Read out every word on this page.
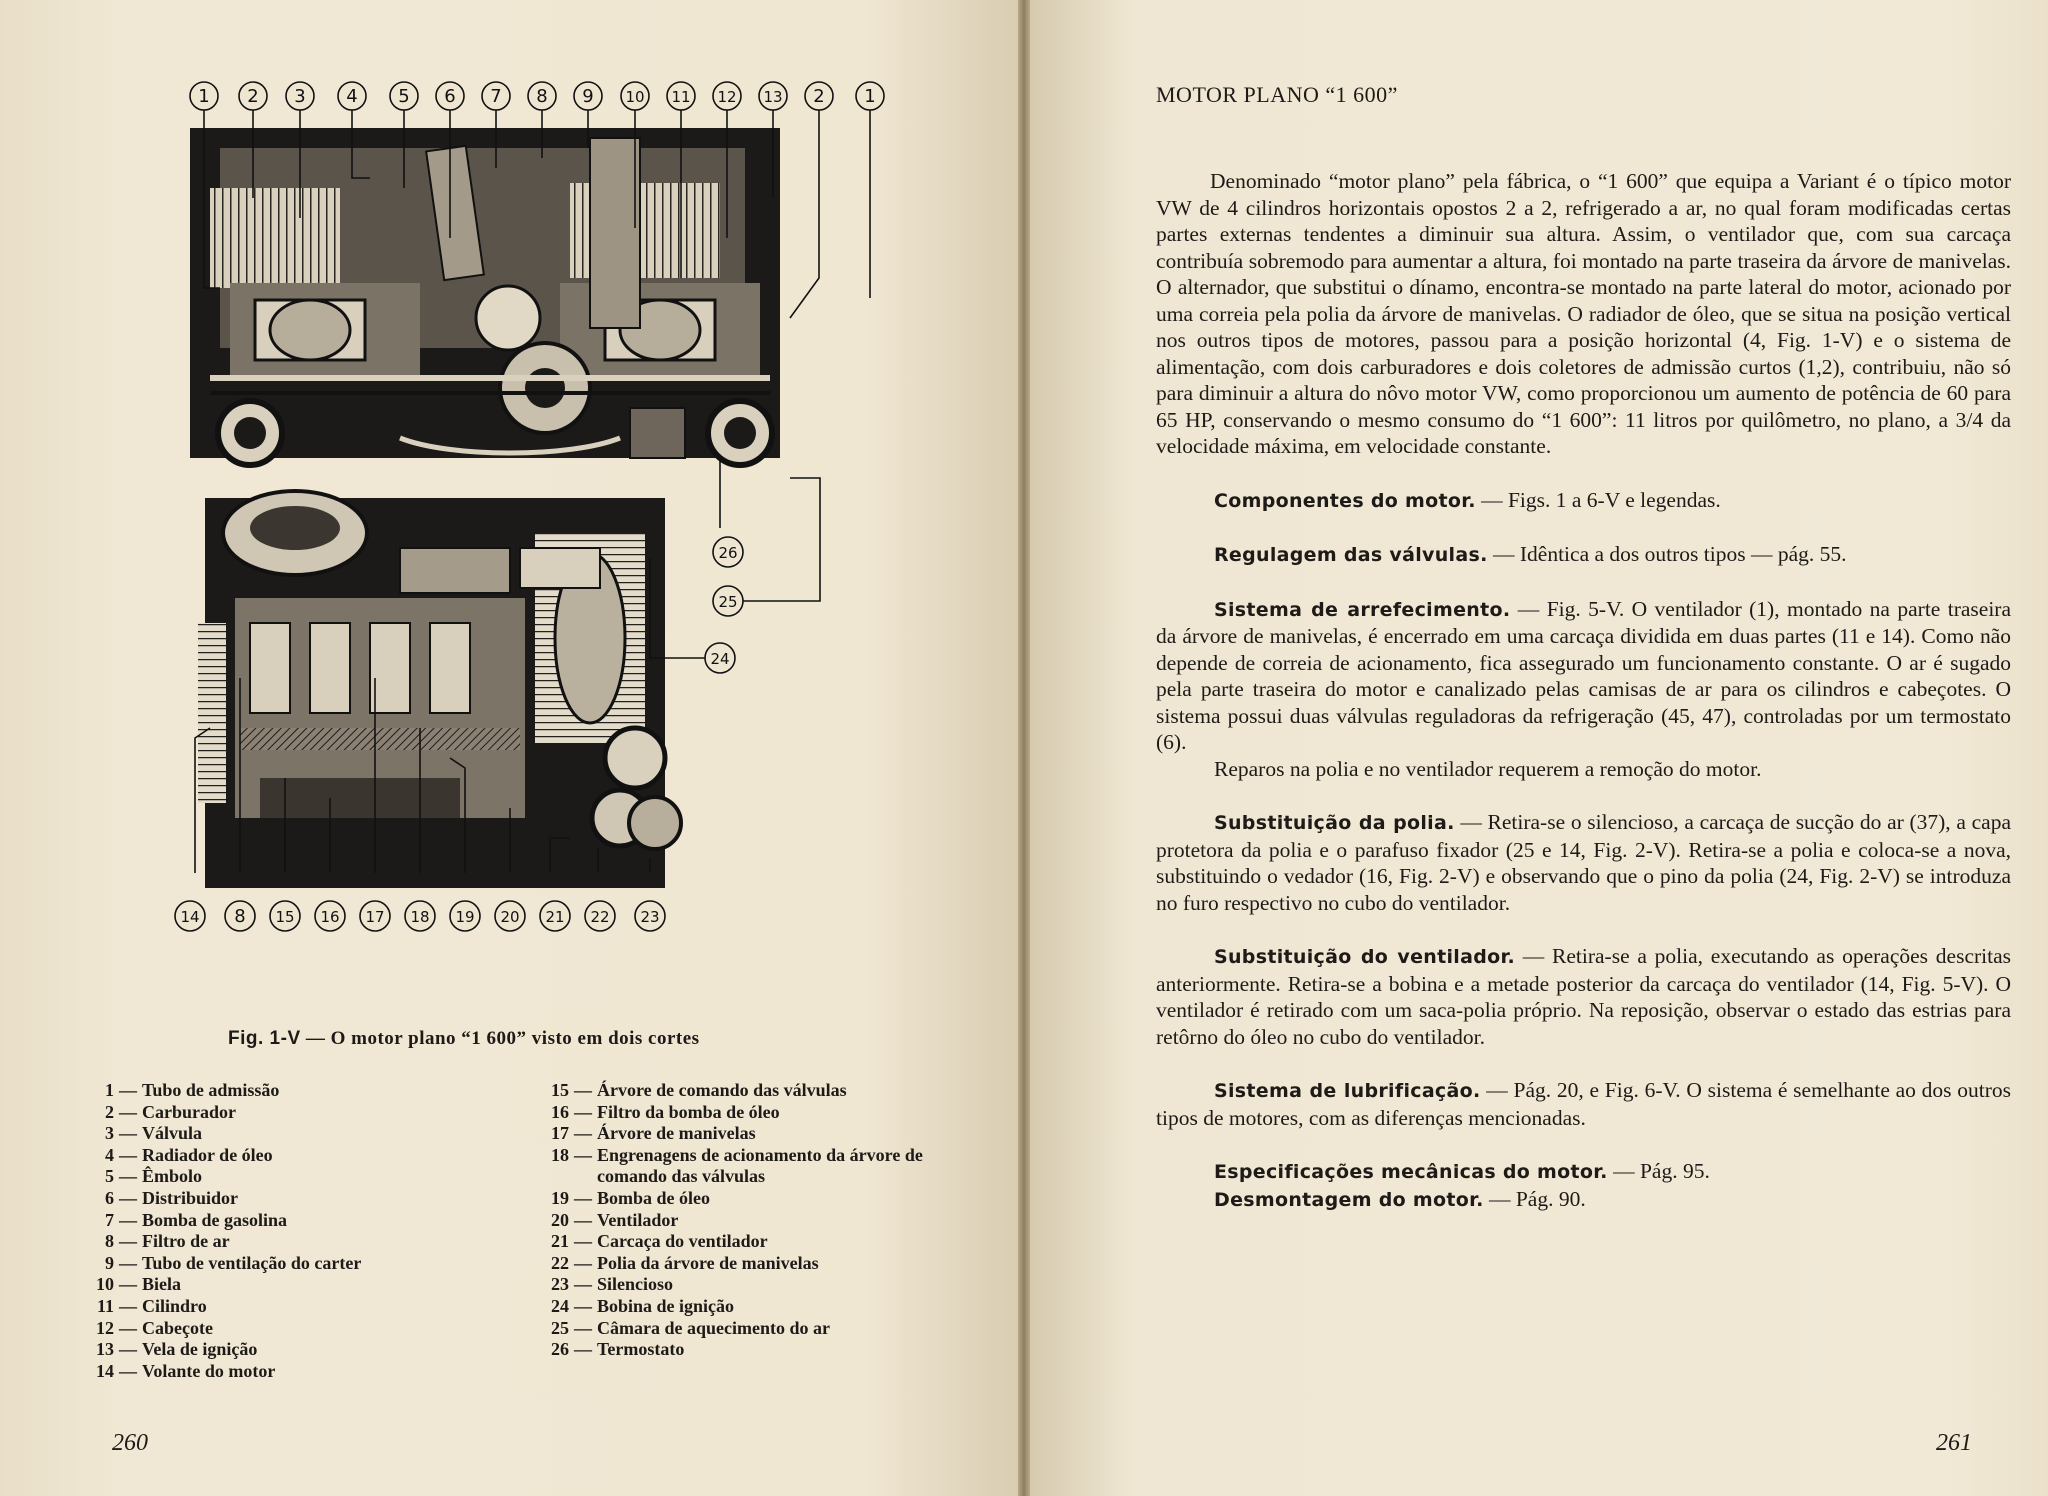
1 2 3 4 5 6 7 8 9 10 11 12 13 2 1
26
25
24
14 8 15 16 17 18 19 20 21 22 23
Fig. 1-V — O motor plano “1 600” visto em dois cortes
1 — Tubo de admissão
2 — Carburador
3 — Válvula
4 — Radiador de óleo
5 — Êmbolo
6 — Distribuidor
7 — Bomba de gasolina
8 — Filtro de ar
9 — Tubo de ventilação do carter
10 — Biela
11 — Cilindro
12 — Cabeçote
13 — Vela de ignição
14 — Volante do motor
15 — Árvore de comando das válvulas
16 — Filtro da bomba de óleo
17 — Árvore de manivelas
18 — Engrenagens de acionamento da árvore de comando das válvulas
19 — Bomba de óleo
20 — Ventilador
21 — Carcaça do ventilador
22 — Polia da árvore de manivelas
23 — Silencioso
24 — Bobina de ignição
25 — Câmara de aquecimento do ar
26 — Termostato
260
MOTOR PLANO “1 600”

Denominado “motor plano” pela fábrica, o “1 600” que equipa a Variant é o típico motor VW de 4 cilindros horizontais opostos 2 a 2, refrigerado a ar, no qual foram modificadas certas partes externas tendentes a diminuir sua altura. Assim, o ventilador que, com sua carcaça contribuía sobremodo para aumentar a altura, foi montado na parte traseira da árvore de manivelas. O alternador, que substitui o dínamo, encontra-se montado na parte lateral do motor, acionado por uma correia pela polia da árvore de manivelas. O radiador de óleo, que se situa na posição vertical nos outros tipos de motores, passou para a posição horizontal (4, Fig. 1-V) e o sistema de alimentação, com dois carburadores e dois coletores de admissão curtos (1,2), contribuiu, não só para diminuir a altura do nôvo motor VW, como proporcionou um aumento de potência de 60 para 65 HP, conservando o mesmo consumo do “1 600”: 11 litros por quilômetro, no plano, a 3/4 da velocidade máxima, em velocidade constante.

Componentes do motor. — Figs. 1 a 6-V e legendas.

Regulagem das válvulas. — Idêntica a dos outros tipos — pág. 55.

Sistema de arrefecimento. — Fig. 5-V. O ventilador (1), montado na parte traseira da árvore de manivelas, é encerrado em uma carcaça dividida em duas partes (11 e 14). Como não depende de correia de acionamento, fica assegurado um funcionamento constante. O ar é sugado pela parte traseira do motor e canalizado pelas camisas de ar para os cilindros e cabeçotes. O sistema possui duas válvulas reguladoras da refrigeração (45, 47), controladas por um termostato (6).

Reparos na polia e no ventilador requerem a remoção do motor.

Substituição da polia. — Retira-se o silencioso, a carcaça de sucção do ar (37), a capa protetora da polia e o parafuso fixador (25 e 14, Fig. 2-V). Retira-se a polia e coloca-se a nova, substituindo o vedador (16, Fig. 2-V) e observando que o pino da polia (24, Fig. 2-V) se introduza no furo respectivo no cubo do ventilador.

Substituição do ventilador. — Retira-se a polia, executando as operações descritas anteriormente. Retira-se a bobina e a metade posterior da carcaça do ventilador (14, Fig. 5-V). O ventilador é retirado com um saca-polia próprio. Na reposição, observar o estado das estrias para retôrno do óleo no cubo do ventilador.

Sistema de lubrificação. — Pág. 20, e Fig. 6-V. O sistema é semelhante ao dos outros tipos de motores, com as diferenças mencionadas.

Especificações mecânicas do motor. — Pág. 95.

Desmontagem do motor. — Pág. 90.

261
